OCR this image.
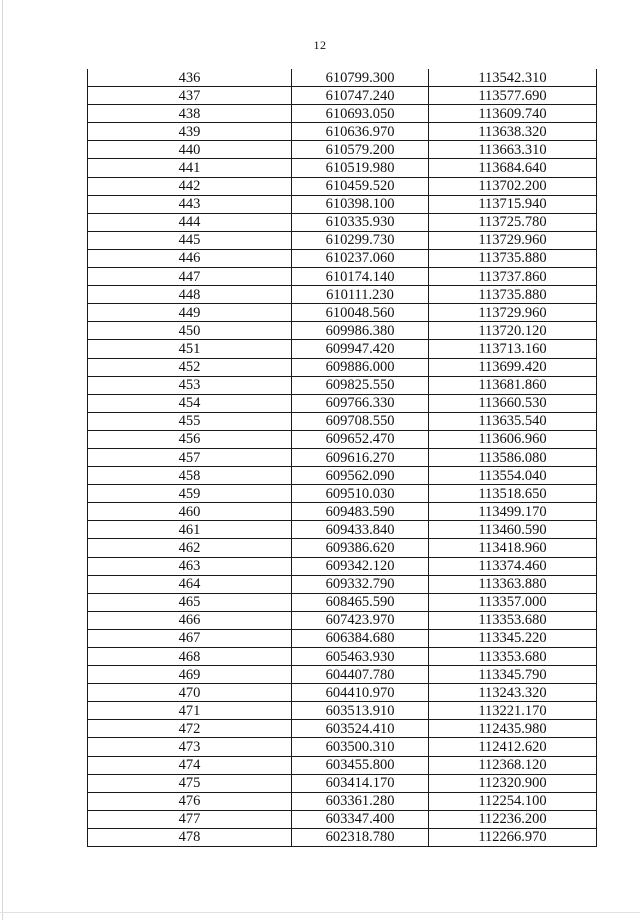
12
436	610799.300	113542.310
437	610747.240	113577.690
438	610693.050	113609.740
439	610636.970	113638.320
440	610579.200	113663.310
441	610519.980	113684.640
442	610459.520	113702.200
443	610398.100	113715.940
444	610335.930	113725.780
445	610299.730	113729.960
446	610237.060	113735.880
447	610174.140	113737.860
448	610111.230	113735.880
449	610048.560	113729.960
450	609986.380	113720.120
451	609947.420	113713.160
452	609886.000	113699.420
453	609825.550	113681.860
454	609766.330	113660.530
455	609708.550	113635.540
456	609652.470	113606.960
457	609616.270	113586.080
458	609562.090	113554.040
459	609510.030	113518.650
460	609483.590	113499.170
461	609433.840	113460.590
462	609386.620	113418.960
463	609342.120	113374.460
464	609332.790	113363.880
465	608465.590	113357.000
466	607423.970	113353.680
467	606384.680	113345.220
468	605463.930	113353.680
469	604407.780	113345.790
470	604410.970	113243.320
471	603513.910	113221.170
472	603524.410	112435.980
473	603500.310	112412.620
474	603455.800	112368.120
475	603414.170	112320.900
476	603361.280	112254.100
477	603347.400	112236.200
478	602318.780	112266.970
